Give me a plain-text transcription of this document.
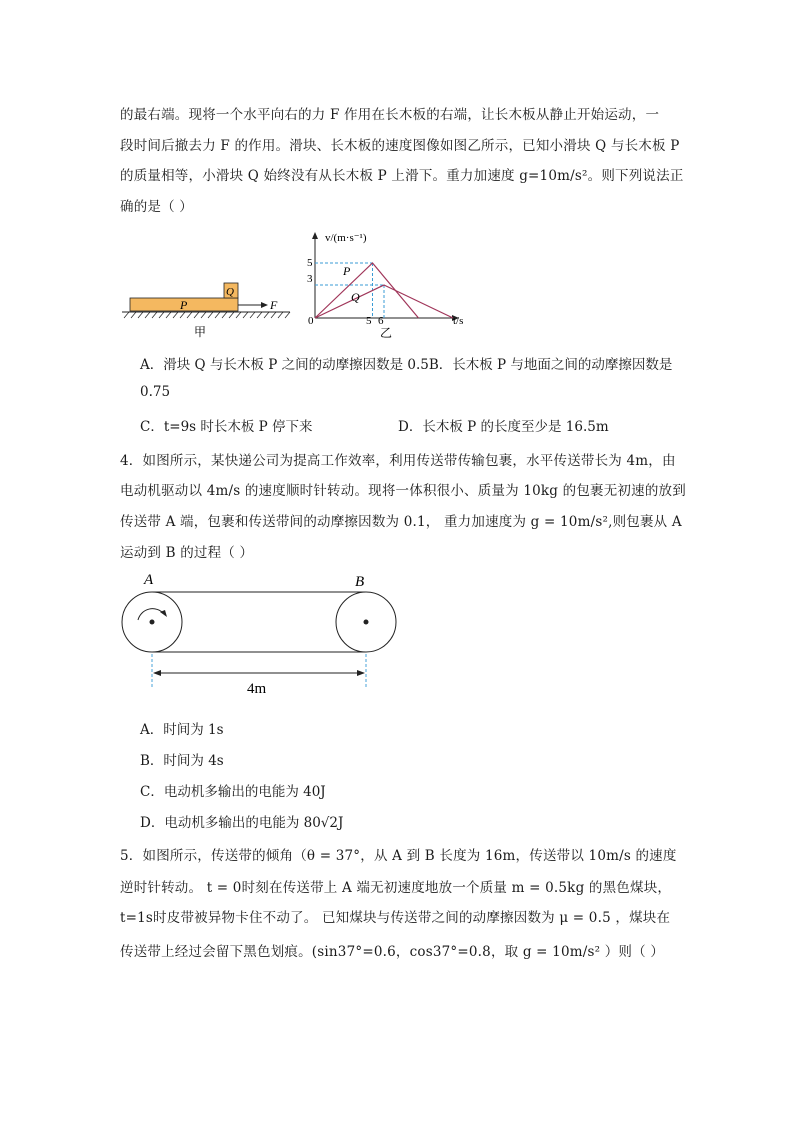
的最右端。现将一个水平向右的力 F 作用在长木板的右端，让长木板从静止开始运动，一
段时间后撤去力 F 的作用。滑块、长木板的速度图像如图乙所示，已知小滑块 Q 与长木板 P
的质量相等，小滑块 Q 始终没有从长木板 P 上滑下。重力加速度 g=10m/s²。则下列说法正
确的是（ ）
P
Q
F
甲
v/(m·s⁻¹)
t/s
0
5
3
5 6
P
Q
乙
A．滑块 Q 与长木板 P 之间的动摩擦因数是 0.5B．长木板 P 与地面之间的动摩擦因数是
0.75
C．t=9s 时长木板 P 停下来	D．长木板 P 的长度至少是 16.5m
4．如图所示，某快递公司为提高工作效率，利用传送带传输包裹，水平传送带长为 4m，由
电动机驱动以 4m/s 的速度顺时针转动。现将一体积很小、质量为 10kg 的包裹无初速的放到
传送带 A 端，包裹和传送带间的动摩擦因数为 0.1， 重力加速度为 g = 10m/s²,则包裹从 A
运动到 B 的过程（ ）
A	B
4m
A．时间为 1s
B．时间为 4s
C．电动机多输出的电能为 40J
D．电动机多输出的电能为 80√2J
5．如图所示，传送带的倾角（θ = 37°，从 A 到 B 长度为 16m，传送带以 10m/s 的速度
逆时针转动。 t = 0时刻在传送带上 A 端无初速度地放一个质量 m = 0.5kg 的黑色煤块，
t=1s时皮带被异物卡住不动了。 已知煤块与传送带之间的动摩擦因数为 μ = 0.5 ，煤块在
传送带上经过会留下黑色划痕。(sin37°=0.6，cos37°=0.8，取 g = 10m/s² ）则（ ）
